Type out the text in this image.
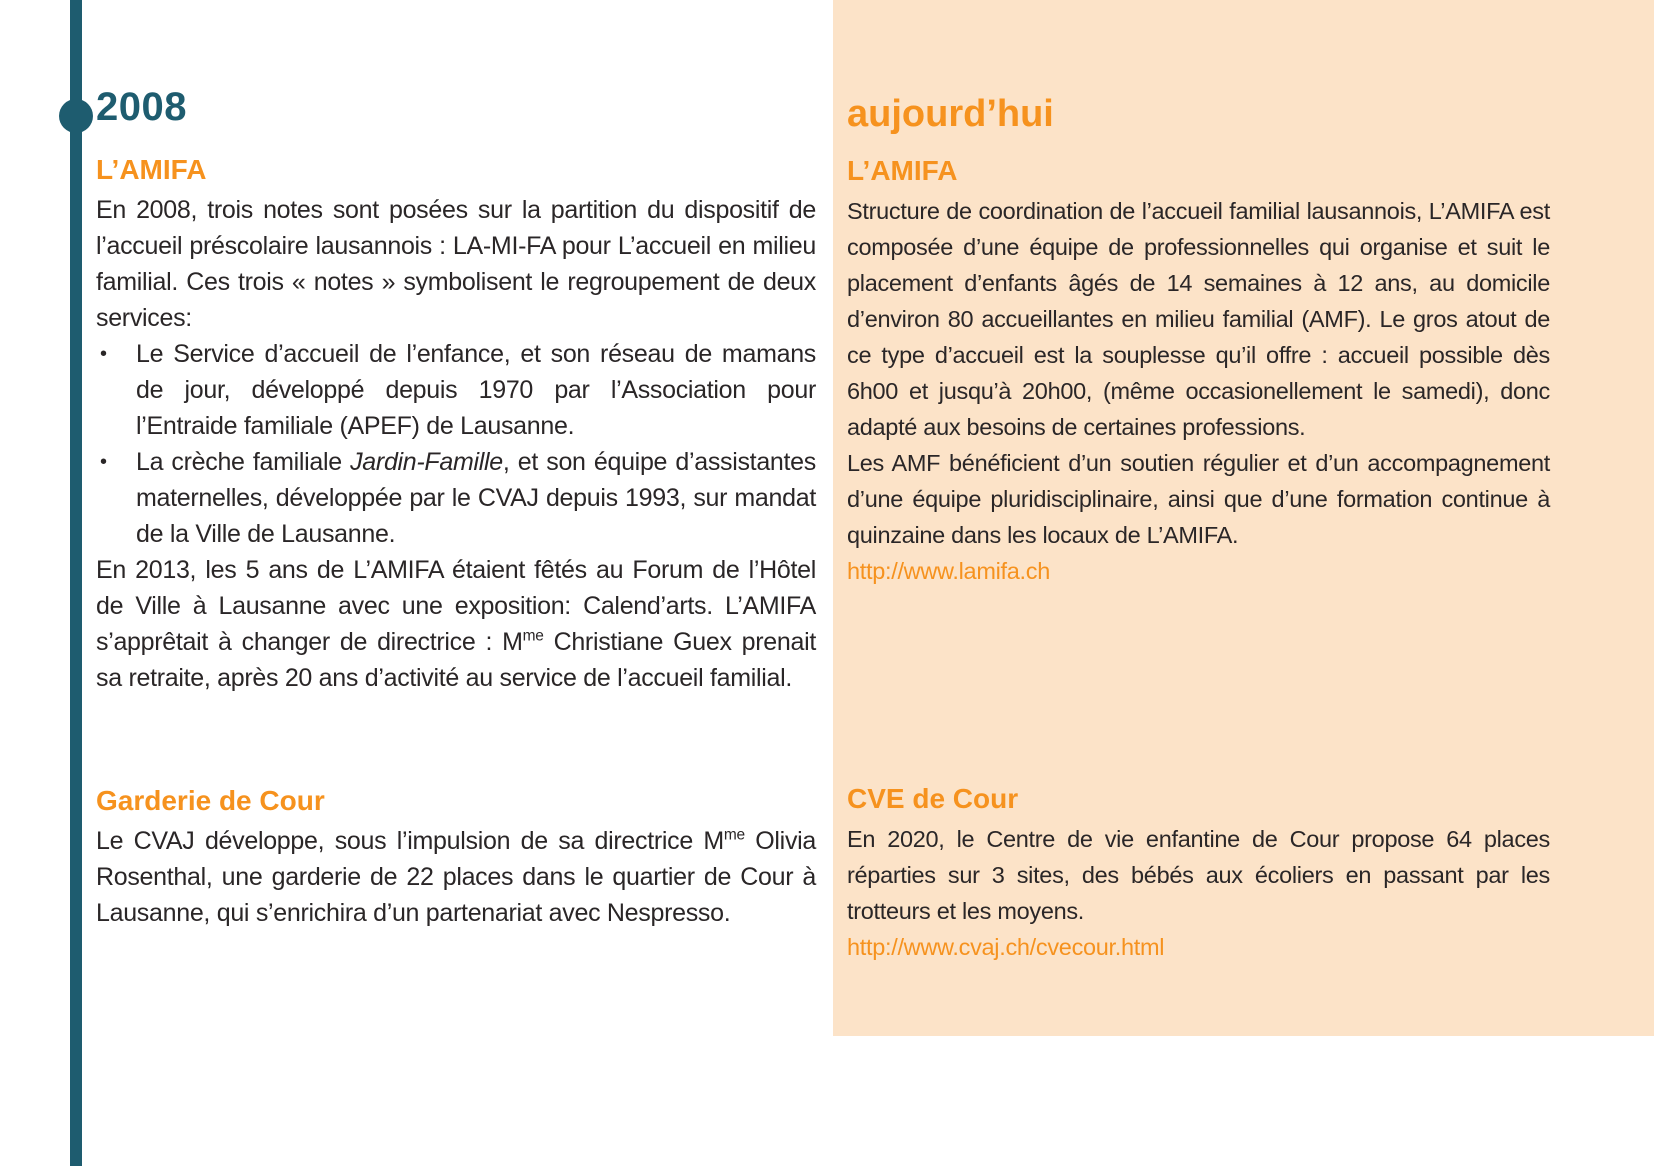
2008
L’AMIFA

En 2008, trois notes sont posées sur la partition du dispositif de l’accueil préscolaire lausannois : LA-MI-FA pour L’accueil en milieu familial. Ces trois « notes » symbolisent le regroupement de deux services:

•	Le Service d’accueil de l’enfance, et son réseau de mamans de jour, développé depuis 1970 par l’Association pour l’Entraide familiale (APEF) de Lausanne.
•	La crèche familiale Jardin-Famille, et son équipe d’assistantes maternelles, développée par le CVAJ depuis 1993, sur mandat de la Ville de Lausanne.

En 2013, les 5 ans de L’AMIFA étaient fêtés au Forum de l’Hôtel de Ville à Lausanne avec une exposition: Calend’arts. L’AMIFA s’apprêtait à changer de directrice : $M^{me}$ Christiane Guex prenait sa retraite, après 20 ans d’activité au service de l’accueil familial.

Garderie de Cour

Le CVAJ développe, sous l’impulsion de sa directrice $M^{me}$ Olivia Rosenthal, une garderie de 22 places dans le quartier de Cour à Lausanne, qui s’enrichira d’un partenariat avec Nespresso.

aujourd’hui
L’AMIFA

Structure de coordination de l’accueil familial lausannois, L’AMIFA est composée d’une équipe de professionnelles qui organise et suit le placement d’enfants âgés de 14 semaines à 12 ans, au domicile d’environ 80 accueillantes en milieu familial (AMF). Le gros atout de ce type d’accueil est la souplesse qu’il offre : accueil possible dès 6h00 et jusqu’à 20h00, (même occasionellement le samedi), donc adapté aux besoins de certaines professions.

Les AMF bénéficient d’un soutien régulier et d’un accompagnement d’une équipe pluridisciplinaire, ainsi que d’une formation continue à quinzaine dans les locaux de L’AMIFA.

http://www.lamifa.ch
CVE de Cour

En 2020, le Centre de vie enfantine de Cour propose 64 places réparties sur 3 sites, des bébés aux écoliers en passant par les trotteurs et les moyens.

http://www.cvaj.ch/cvecour.html
